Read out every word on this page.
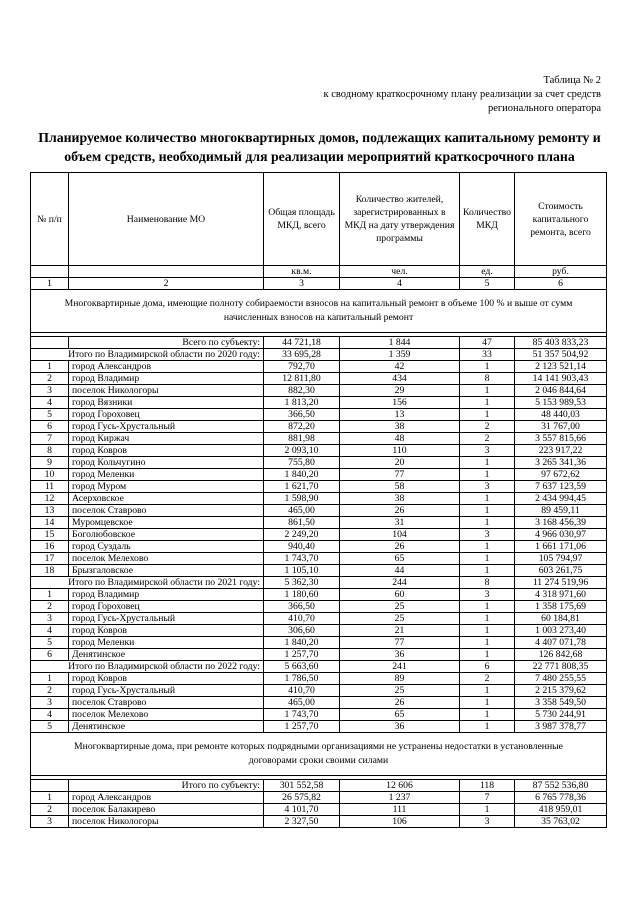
Таблица № 2
к сводному краткосрочному плану реализации за счет средств
регионального оператора
Планируемое количество многоквартирных домов, подлежащих капитальному ремонту и
объем средств, необходимый для реализации мероприятий краткосрочного плана
№ п/п	Наименование МО	Общая площадь МКД, всего	Количество жителей, зарегистрированных в МКД на дату утверждения программы	Количество МКД	Стоимость капитального ремонта, всего
		кв.м.	чел.	ед.	руб.
1	2	3	4	5	6
Многоквартирные дома, имеющие полноту собираемости взносов на капитальный ремонт в объеме 100 % и выше от сумм начисленных взносов на капитальный ремонт					

	Всего по субъекту:	44 721,18	1 844	47	85 403 833,23
Итого по Владимирской области по 2020 году:		33 695,28	1 359	33	51 357 504,92
1	город Александров	792,70	42	1	2 123 521,14
2	город Владимир	12 811,80	434	8	14 141 903,43
3	поселок Никологоры	882,30	29	1	2 046 844,64
4	город Вязники	1 813,20	156	1	5 153 989,53
5	город Гороховец	366,50	13	1	48 440,03
6	город Гусь-Хрустальный	872,20	38	2	31 767,00
7	город Киржач	881,98	48	2	3 557 815,66
8	город Ковров	2 093,10	110	3	223 917,22
9	город Кольчугино	755,80	20	1	3 265 341,36
10	город Меленки	1 840,20	77	1	97 672,62
11	город Муром	1 621,70	58	3	7 637 123,59
12	Асерховское	1 598,90	38	1	2 434 994,45
13	поселок Ставрово	465,00	26	1	89 459,11
14	Муромцевское	861,50	31	1	3 168 456,39
15	Боголюбовское	2 249,20	104	3	4 966 030,97
16	город Суздаль	940,40	26	1	1 661 171,06
17	поселок Мелехово	1 743,70	65	1	105 794,97
18	Брызгаловское	1 105,10	44	1	603 261,75
Итого по Владимирской области по 2021 году:		5 362,30	244	8	11 274 519,96
1	город Владимир	1 180,60	60	3	4 318 971,60
2	город Гороховец	366,50	25	1	1 358 175,69
3	город Гусь-Хрустальный	410,70	25	1	60 184,81
4	город Ковров	306,60	21	1	1 003 273,40
5	город Меленки	1 840,20	77	1	4 407 071,78
6	Денятинское	1 257,70	36	1	126 842,68
Итого по Владимирской области по 2022 году:		5 663,60	241	6	22 771 808,35
1	город Ковров	1 786,50	89	2	7 480 255,55
2	город Гусь-Хрустальный	410,70	25	1	2 215 379,62
3	поселок Ставрово	465,00	26	1	3 358 549,50
4	поселок Мелехово	1 743,70	65	1	5 730 244,91
5	Денятинское	1 257,70	36	1	3 987 378,77
Многоквартирные дома, при ремонте которых подрядными организациями не устранены недостатки в установленные договорами сроки своими силами					

	Итого по субъекту:	301 552,58	12 606	118	87 552 536,80
1	город Александров	26 575,82	1 237	7	6 765 778,36
2	поселок Балакирево	4 101,70	111	1	418 959,01
3	поселок Никологоры	2 327,50	106	3	35 763,02
